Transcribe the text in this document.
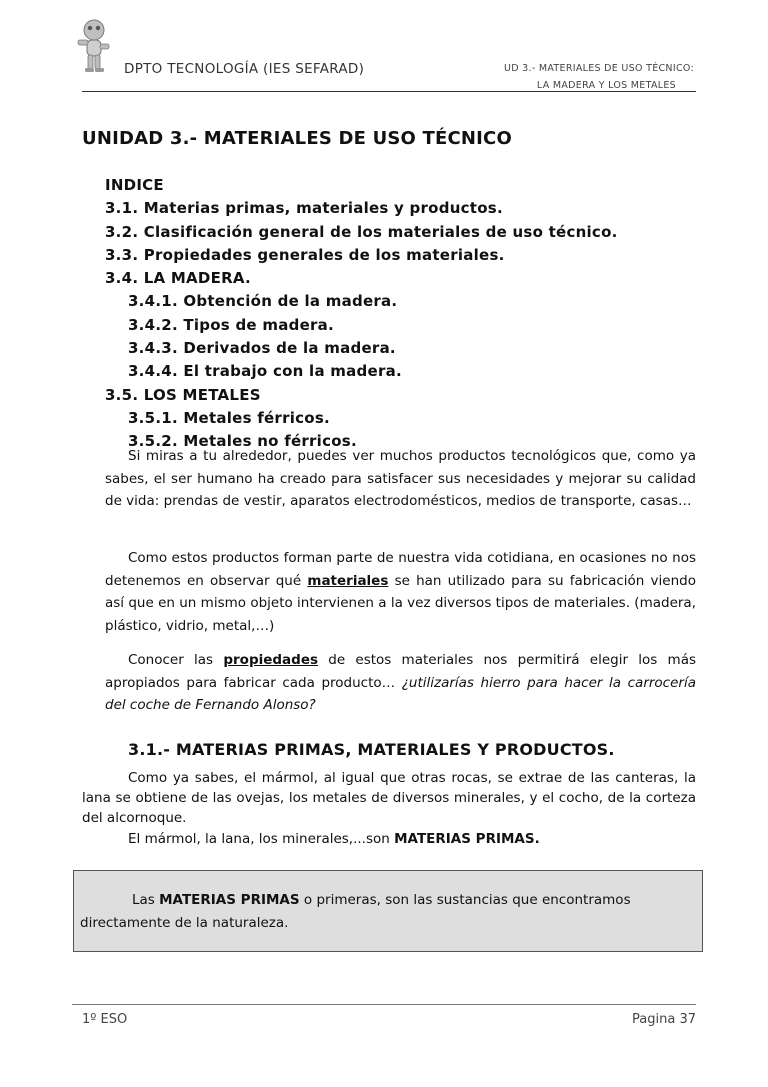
DPTO TECNOLOGÍA (IES SEFARAD)	UD 3.- MATERIALES DE USO TÉCNICO:
LA MADERA Y LOS METALES
UNIDAD 3.- MATERIALES DE USO TÉCNICO
INDICE
3.1. Materias primas, materiales y productos.
3.2. Clasificación general de los materiales de uso técnico.
3.3. Propiedades generales de los materiales.
3.4. LA MADERA.
3.4.1. Obtención de la madera.
3.4.2. Tipos de madera.
3.4.3. Derivados de la madera.
3.4.4. El trabajo con la madera.
3.5. LOS METALES
3.5.1. Metales férricos.
3.5.2. Metales no férricos.
Si miras a tu alrededor, puedes ver muchos productos tecnológicos que, como ya sabes, el ser humano ha creado para satisfacer sus necesidades y mejorar su calidad de vida: prendas de vestir, aparatos electrodomésticos, medios de transporte, casas…
Como estos productos forman parte de nuestra vida cotidiana, en ocasiones no nos detenemos en observar qué materiales se han utilizado para su fabricación viendo así que en un mismo objeto intervienen a la vez diversos tipos de materiales. (madera, plástico, vidrio, metal,…)
Conocer las propiedades de estos materiales nos permitirá elegir los más apropiados para fabricar cada producto… ¿utilizarías hierro para hacer la carrocería del coche de Fernando Alonso?
3.1.- MATERIAS PRIMAS, MATERIALES Y PRODUCTOS.
Como ya sabes, el mármol, al igual que otras rocas, se extrae de las canteras, la lana se obtiene de las ovejas, los metales de diversos minerales, y el cocho, de la corteza del alcornoque.
El mármol, la lana, los minerales,...son MATERIAS PRIMAS.
Las MATERIAS PRIMAS o primeras, son las sustancias que encontramos directamente de la naturaleza.
1º ESO	Pagina 37
